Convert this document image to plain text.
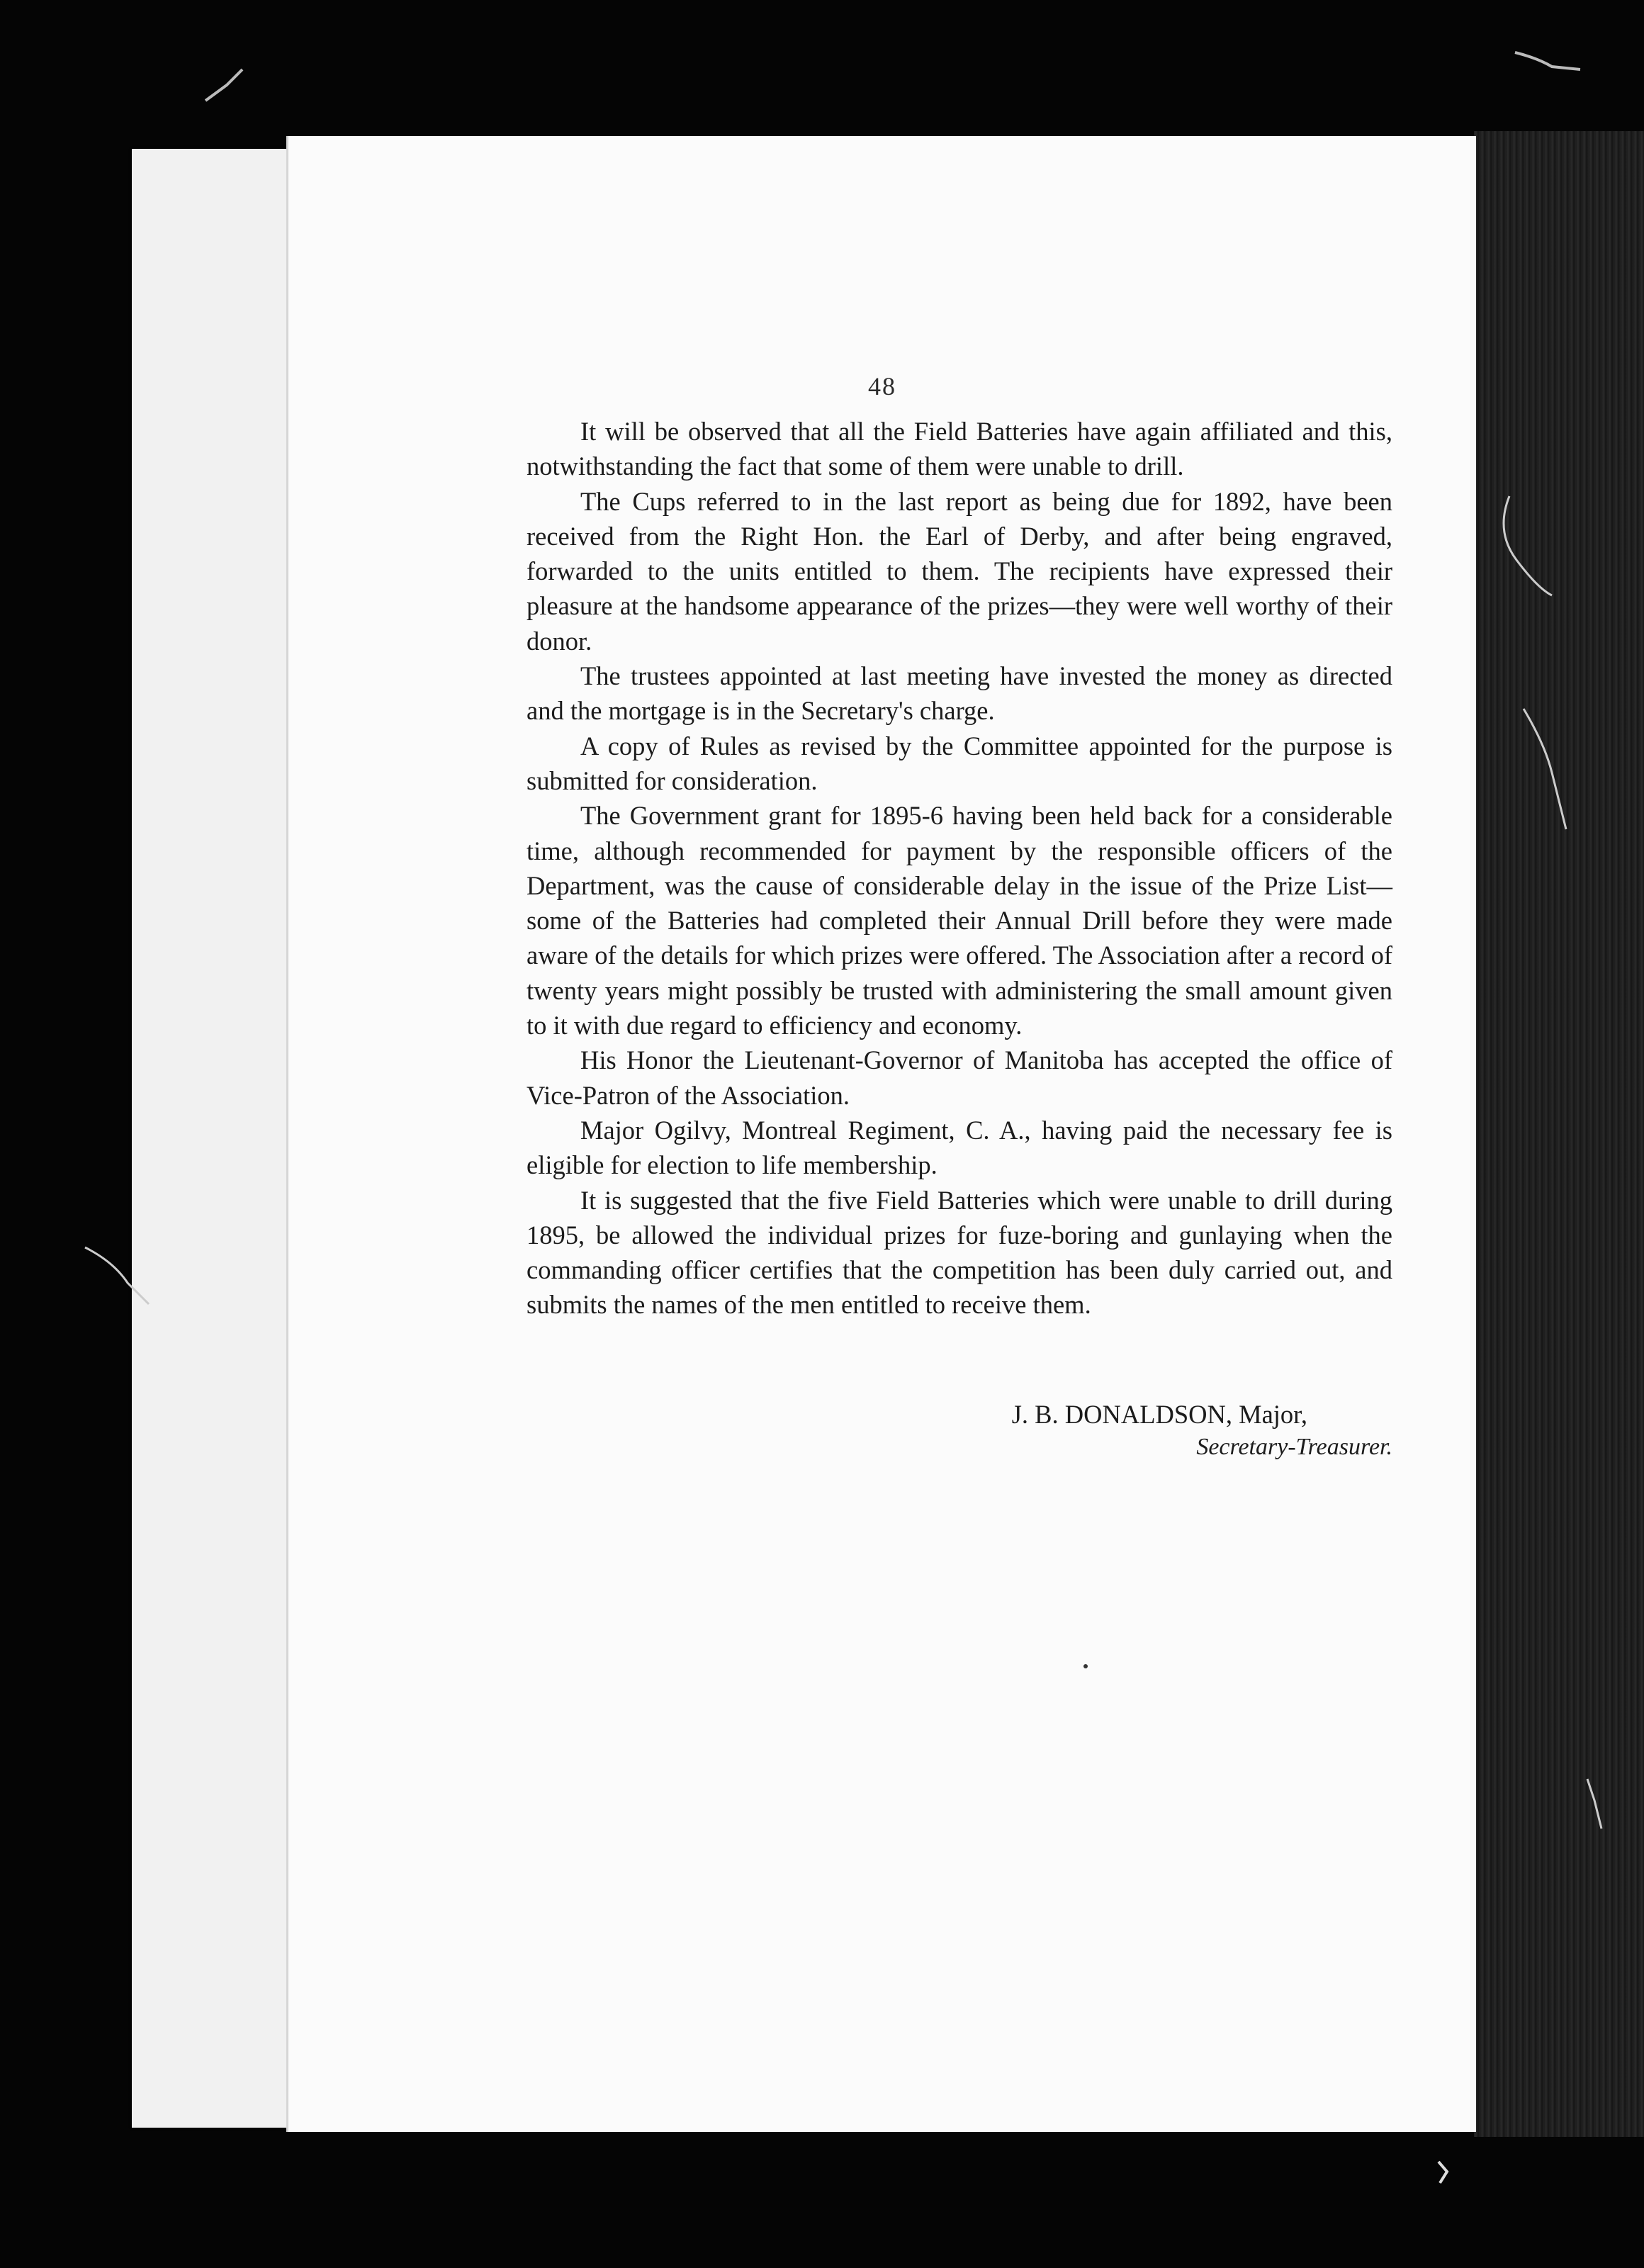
48

It will be observed that all the Field Batteries have again affiliated and this, notwithstanding the fact that some of them were unable to drill.

The Cups referred to in the last report as being due for 1892, have been received from the Right Hon. the Earl of Derby, and after being engraved, forwarded to the units entitled to them. The recipients have expressed their pleasure at the handsome appearance of the prizes—they were well worthy of their donor.

The trustees appointed at last meeting have invested the money as directed and the mortgage is in the Secretary's charge.

A copy of Rules as revised by the Committee appointed for the purpose is submitted for consideration.

The Government grant for 1895-6 having been held back for a considerable time, although recommended for payment by the responsible officers of the Department, was the cause of considerable delay in the issue of the Prize List—some of the Batteries had completed their Annual Drill before they were made aware of the details for which prizes were offered. The Association after a record of twenty years might possibly be trusted with administering the small amount given to it with due regard to efficiency and economy.

His Honor the Lieutenant-Governor of Manitoba has accepted the office of Vice-Patron of the Association.

Major Ogilvy, Montreal Regiment, C. A., having paid the necessary fee is eligible for election to life membership.

It is suggested that the five Field Batteries which were unable to drill during 1895, be allowed the individual prizes for fuze-boring and gunlaying when the commanding officer certifies that the competition has been duly carried out, and submits the names of the men entitled to receive them.

J. B. DONALDSON, Major,
Secretary-Treasurer.
